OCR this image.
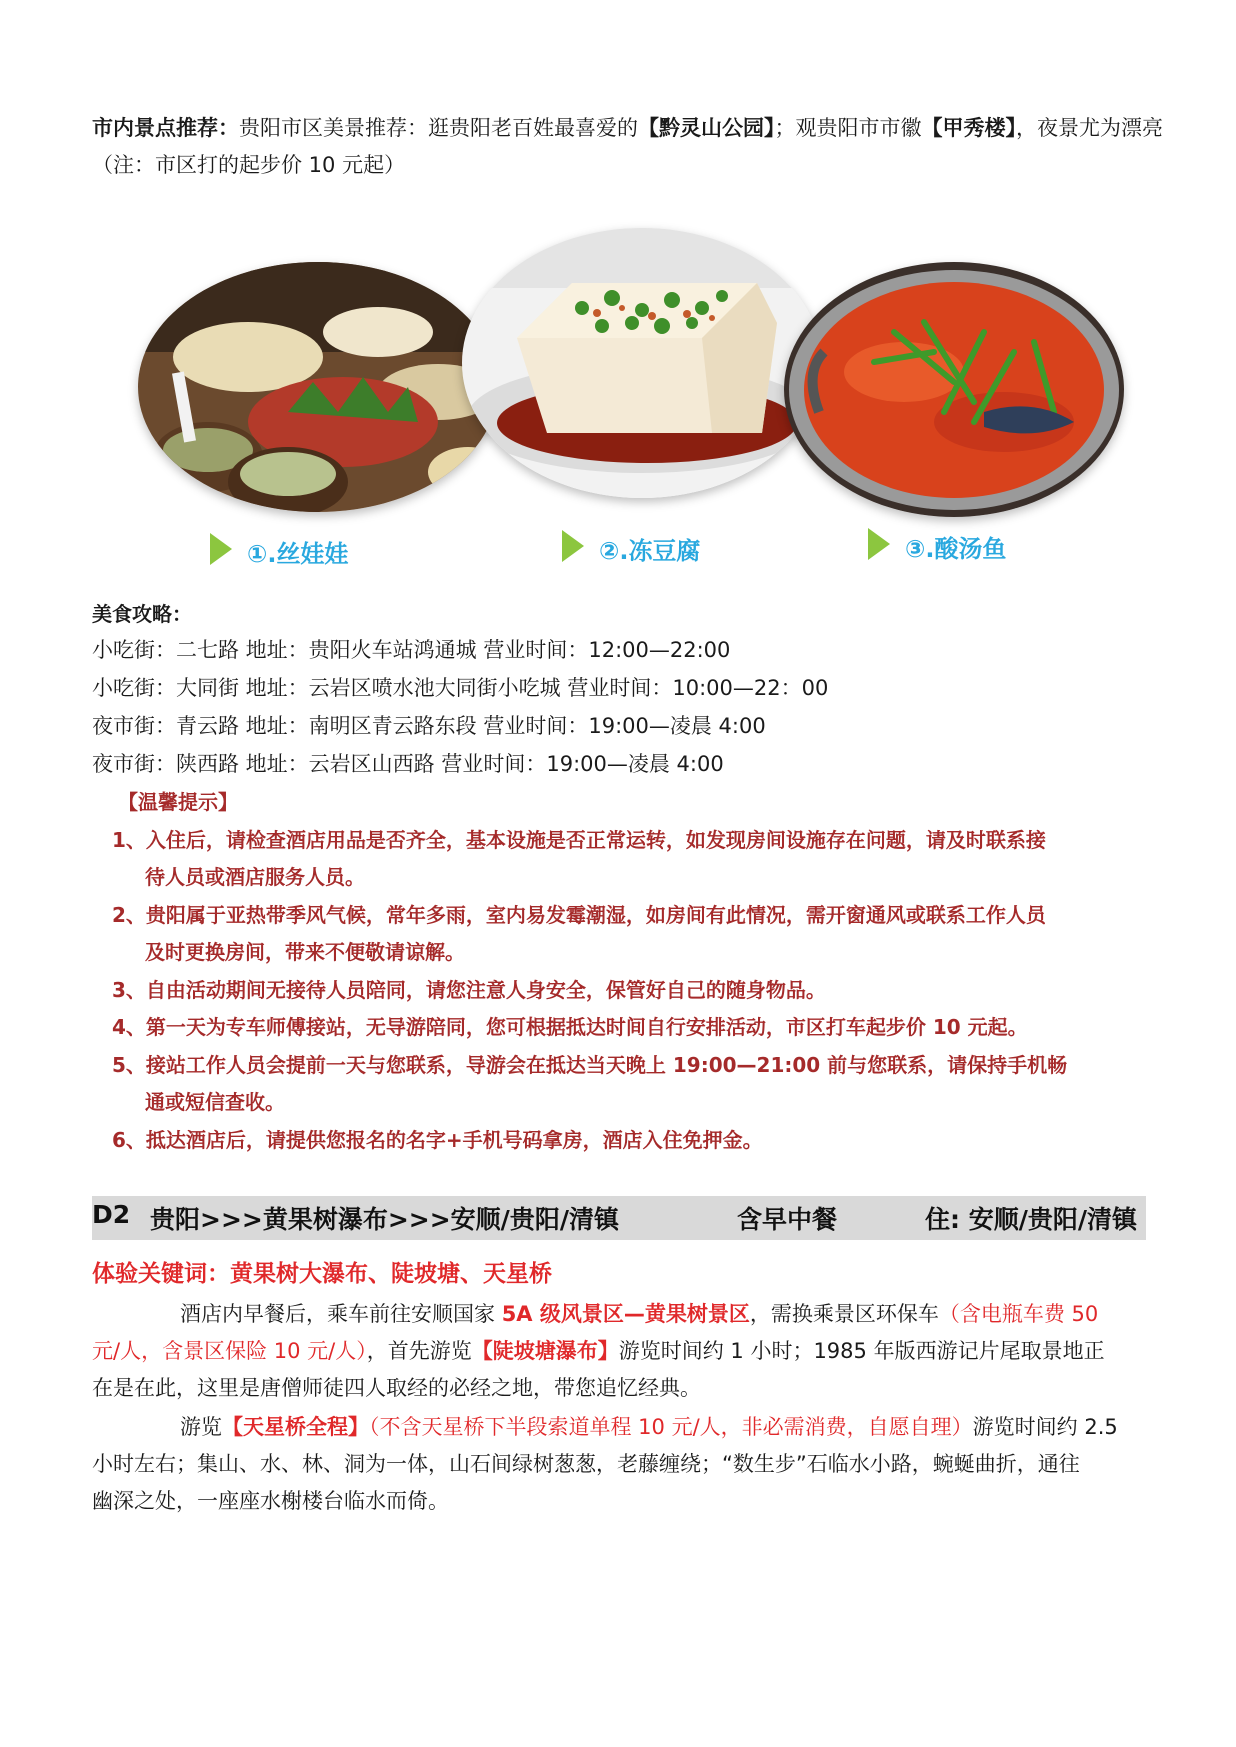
市内景点推荐：贵阳市区美景推荐：逛贵阳老百姓最喜爱的【黔灵山公园】；观贵阳市市徽【甲秀楼】，夜景尤为漂亮
（注：市区打的起步价 10 元起）
①.丝娃娃	②.冻豆腐	③.酸汤鱼
美食攻略：
小吃街：二七路 地址：贵阳火车站鸿通城 营业时间：12:00—22:00
小吃街：大同街 地址：云岩区喷水池大同街小吃城 营业时间：10:00—22：00
夜市街：青云路 地址：南明区青云路东段 营业时间：19:00—凌晨 4:00
夜市街：陕西路 地址：云岩区山西路 营业时间：19:00—凌晨 4:00
【温馨提示】
1、入住后，请检查酒店用品是否齐全，基本设施是否正常运转，如发现房间设施存在问题，请及时联系接
待人员或酒店服务人员。
2、贵阳属于亚热带季风气候，常年多雨，室内易发霉潮湿，如房间有此情况，需开窗通风或联系工作人员
及时更换房间，带来不便敬请谅解。
3、自由活动期间无接待人员陪同，请您注意人身安全，保管好自己的随身物品。
4、第一天为专车师傅接站，无导游陪同，您可根据抵达时间自行安排活动，市区打车起步价 10 元起。
5、接站工作人员会提前一天与您联系，导游会在抵达当天晚上 19:00—21:00 前与您联系，请保持手机畅
通或短信查收。
6、抵达酒店后，请提供您报名的名字+手机号码拿房，酒店入住免押金。
D2 贵阳>>>黄果树瀑布>>>安顺/贵阳/清镇	含早中餐	住: 安顺/贵阳/清镇
体验关键词：黄果树大瀑布、陡坡塘、天星桥
酒店内早餐后，乘车前往安顺国家 5A 级风景区—黄果树景区，需换乘景区环保车（含电瓶车费 50
元/人，含景区保险 10 元/人），首先游览【陡坡塘瀑布】游览时间约 1 小时；1985 年版西游记片尾取景地正
在是在此，这里是唐僧师徒四人取经的必经之地，带您追忆经典。
游览【天星桥全程】（不含天星桥下半段索道单程 10 元/人，非必需消费，自愿自理）游览时间约 2.5
小时左右；集山、水、林、洞为一体，山石间绿树葱葱，老藤缠绕；“数生步”石临水小路，蜿蜒曲折，通往
幽深之处，一座座水榭楼台临水而倚。
